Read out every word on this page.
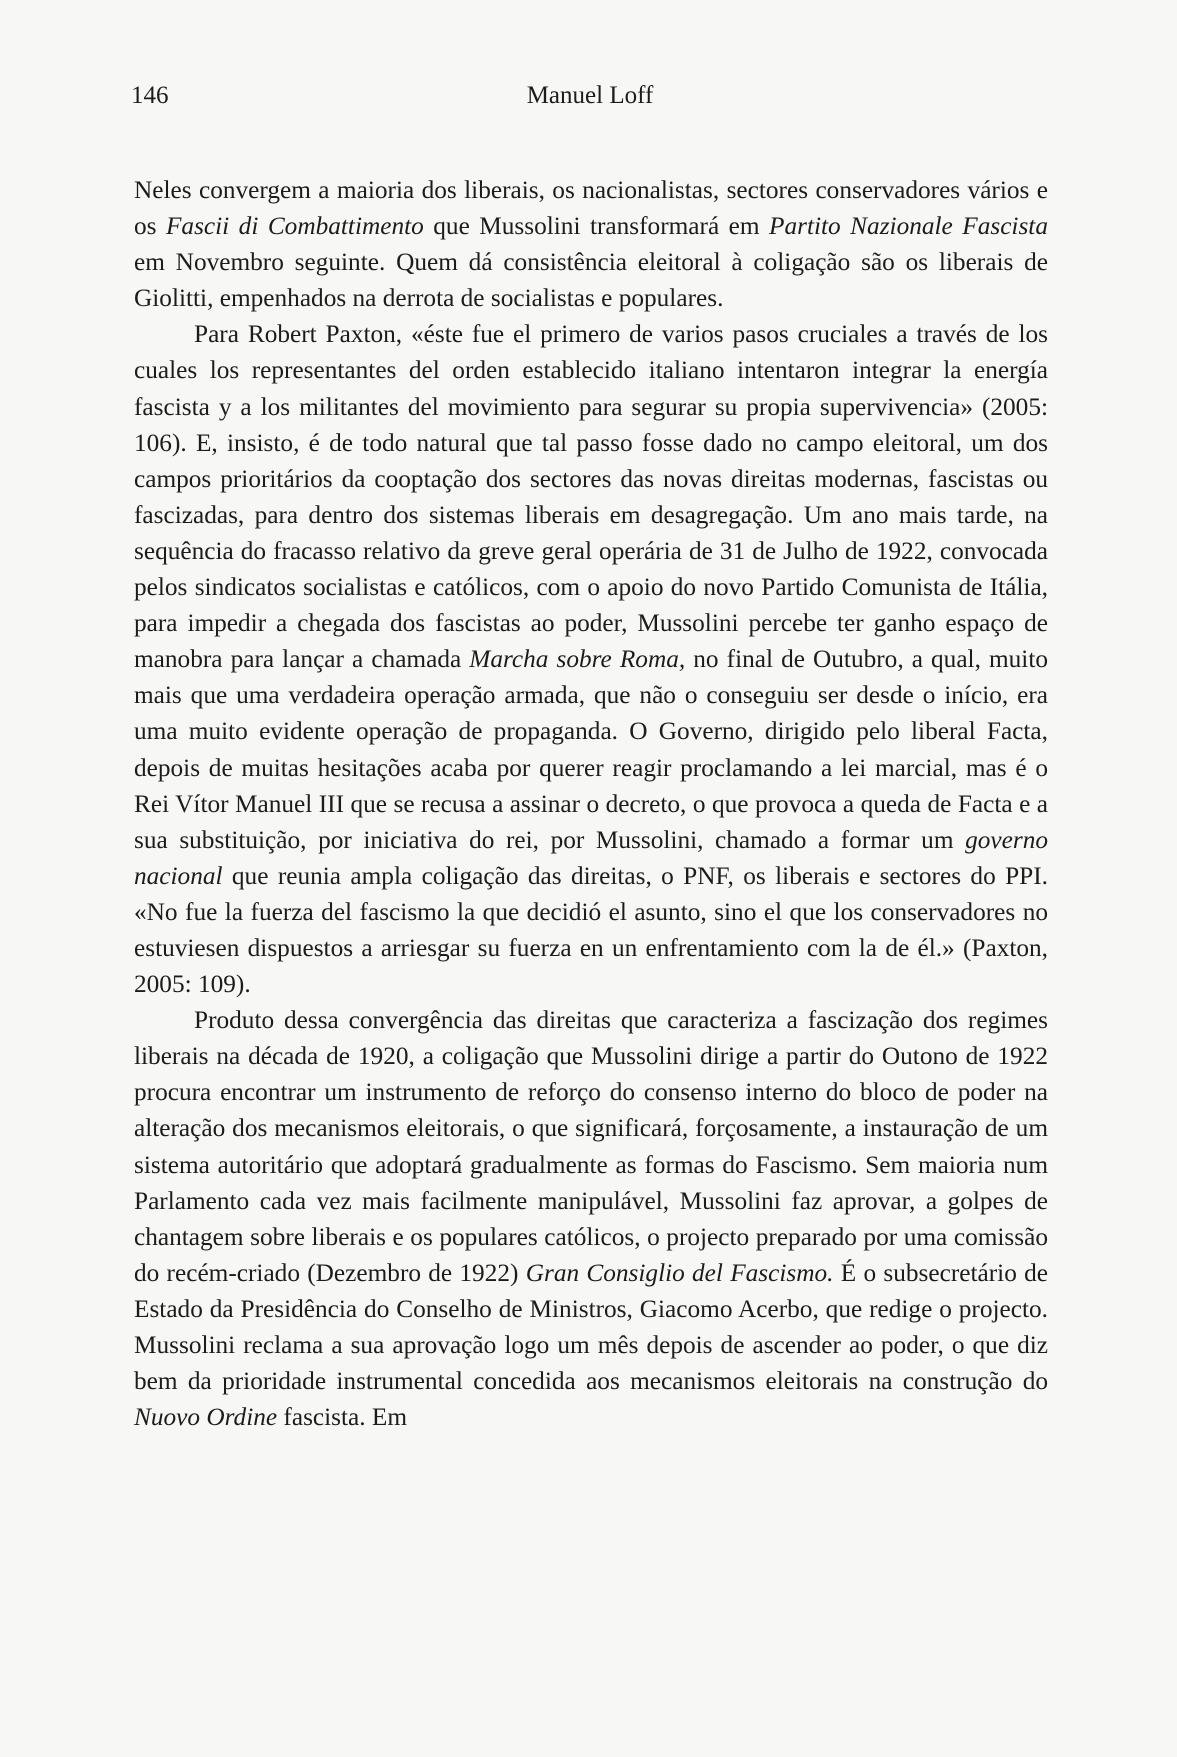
146	Manuel Loff

Neles convergem a maioria dos liberais, os nacionalistas, sectores conservadores vários e os Fascii di Combattimento que Mussolini transformará em Partito Nazionale Fascista em Novembro seguinte. Quem dá consistência eleitoral à coligação são os liberais de Giolitti, empenhados na derrota de socialistas e populares.

Para Robert Paxton, «éste fue el primero de varios pasos cruciales a través de los cuales los representantes del orden establecido italiano intentaron integrar la energía fascista y a los militantes del movimiento para segurar su propia supervivencia» (2005: 106). E, insisto, é de todo natural que tal passo fosse dado no campo eleitoral, um dos campos prioritários da cooptação dos sectores das novas direitas modernas, fascistas ou fascizadas, para dentro dos sistemas liberais em desagregação. Um ano mais tarde, na sequência do fracasso relativo da greve geral operária de 31 de Julho de 1922, convocada pelos sindicatos socialistas e católicos, com o apoio do novo Partido Comunista de Itália, para impedir a chegada dos fascistas ao poder, Mussolini percebe ter ganho espaço de manobra para lançar a chamada Marcha sobre Roma, no final de Outubro, a qual, muito mais que uma verdadeira operação armada, que não o conseguiu ser desde o início, era uma muito evidente operação de propaganda. O Governo, dirigido pelo liberal Facta, depois de muitas hesitações acaba por querer reagir proclamando a lei marcial, mas é o Rei Vítor Manuel III que se recusa a assinar o decreto, o que provoca a queda de Facta e a sua substituição, por iniciativa do rei, por Mussolini, chamado a formar um governo nacional que reunia ampla coligação das direitas, o PNF, os liberais e sectores do PPI. «No fue la fuerza del fascismo la que decidió el asunto, sino el que los conservadores no estuviesen dispuestos a arriesgar su fuerza en un enfrentamiento com la de él.» (Paxton, 2005: 109).

Produto dessa convergência das direitas que caracteriza a fascização dos regimes liberais na década de 1920, a coligação que Mussolini dirige a partir do Outono de 1922 procura encontrar um instrumento de reforço do consenso interno do bloco de poder na alteração dos mecanismos eleitorais, o que significará, forçosamente, a instauração de um sistema autoritário que adoptará gradualmente as formas do Fascismo. Sem maioria num Parlamento cada vez mais facilmente manipulável, Mussolini faz aprovar, a golpes de chantagem sobre liberais e os populares católicos, o projecto preparado por uma comissão do recém-criado (Dezembro de 1922) Gran Consiglio del Fascismo. É o subsecretário de Estado da Presidência do Conselho de Ministros, Giacomo Acerbo, que redige o projecto. Mussolini reclama a sua aprovação logo um mês depois de ascender ao poder, o que diz bem da prioridade instrumental concedida aos mecanismos eleitorais na construção do Nuovo Ordine fascista. Em
